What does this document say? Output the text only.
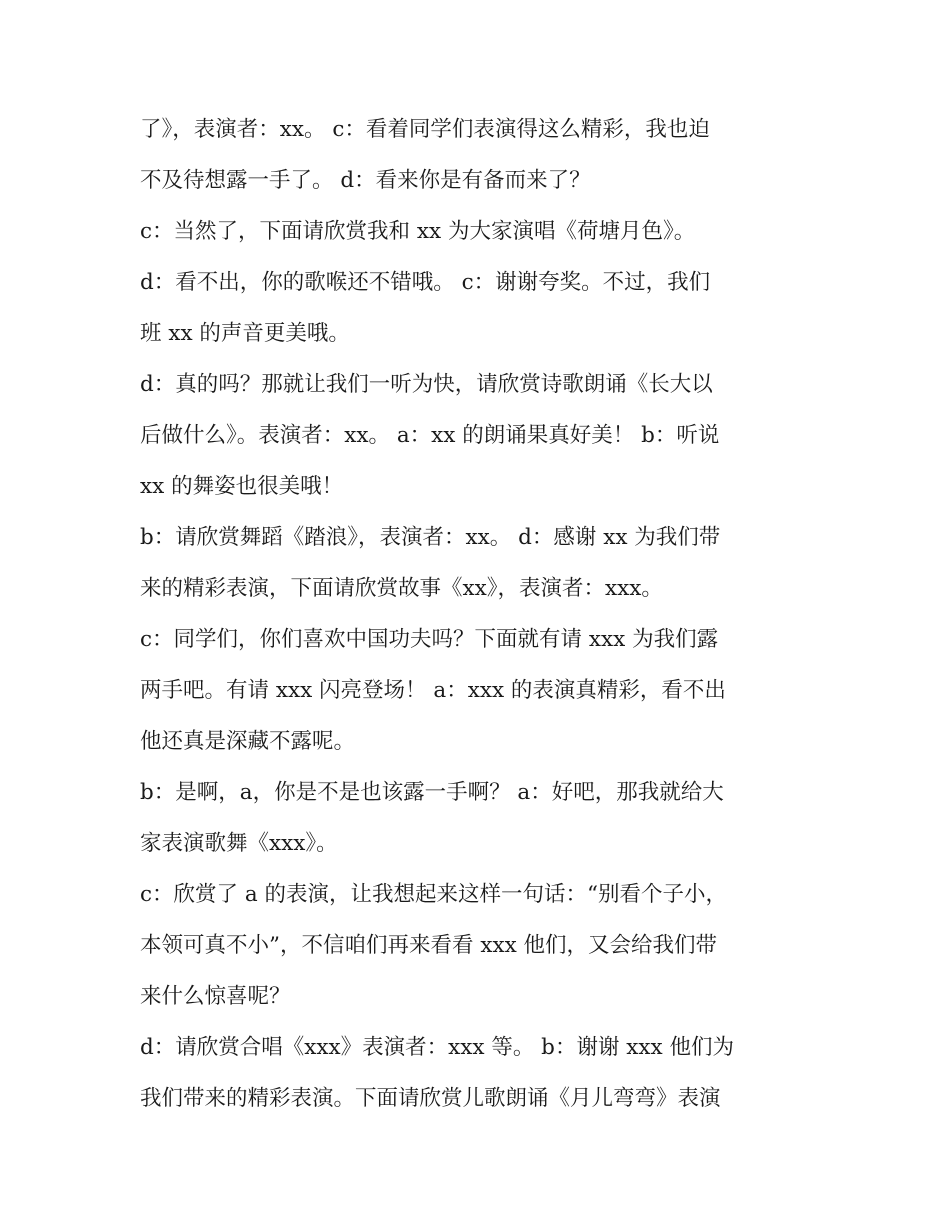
了》，表演者：xx。 c：看着同学们表演得这么精彩，我也迫
不及待想露一手了。 d：看来你是有备而来了？
c：当然了，下面请欣赏我和 xx 为大家演唱《荷塘月色》。
d：看不出，你的歌喉还不错哦。 c：谢谢夸奖。不过，我们
班 xx 的声音更美哦。
d：真的吗？那就让我们一听为快，请欣赏诗歌朗诵《长大以
后做什么》。表演者：xx。 a：xx 的朗诵果真好美！ b：听说
xx 的舞姿也很美哦！
b：请欣赏舞蹈《踏浪》，表演者：xx。 d：感谢 xx 为我们带
来的精彩表演，下面请欣赏故事《xx》，表演者：xxx。
c：同学们，你们喜欢中国功夫吗？下面就有请 xxx 为我们露
两手吧。有请 xxx 闪亮登场！ a：xxx 的表演真精彩，看不出
他还真是深藏不露呢。
b：是啊，a，你是不是也该露一手啊？ a：好吧，那我就给大
家表演歌舞《xxx》。
c：欣赏了 a 的表演，让我想起来这样一句话：“别看个子小，
本领可真不小”，不信咱们再来看看 xxx 他们，又会给我们带
来什么惊喜呢？
d：请欣赏合唱《xxx》表演者：xxx 等。 b：谢谢 xxx 他们为
我们带来的精彩表演。下面请欣赏儿歌朗诵《月儿弯弯》表演
